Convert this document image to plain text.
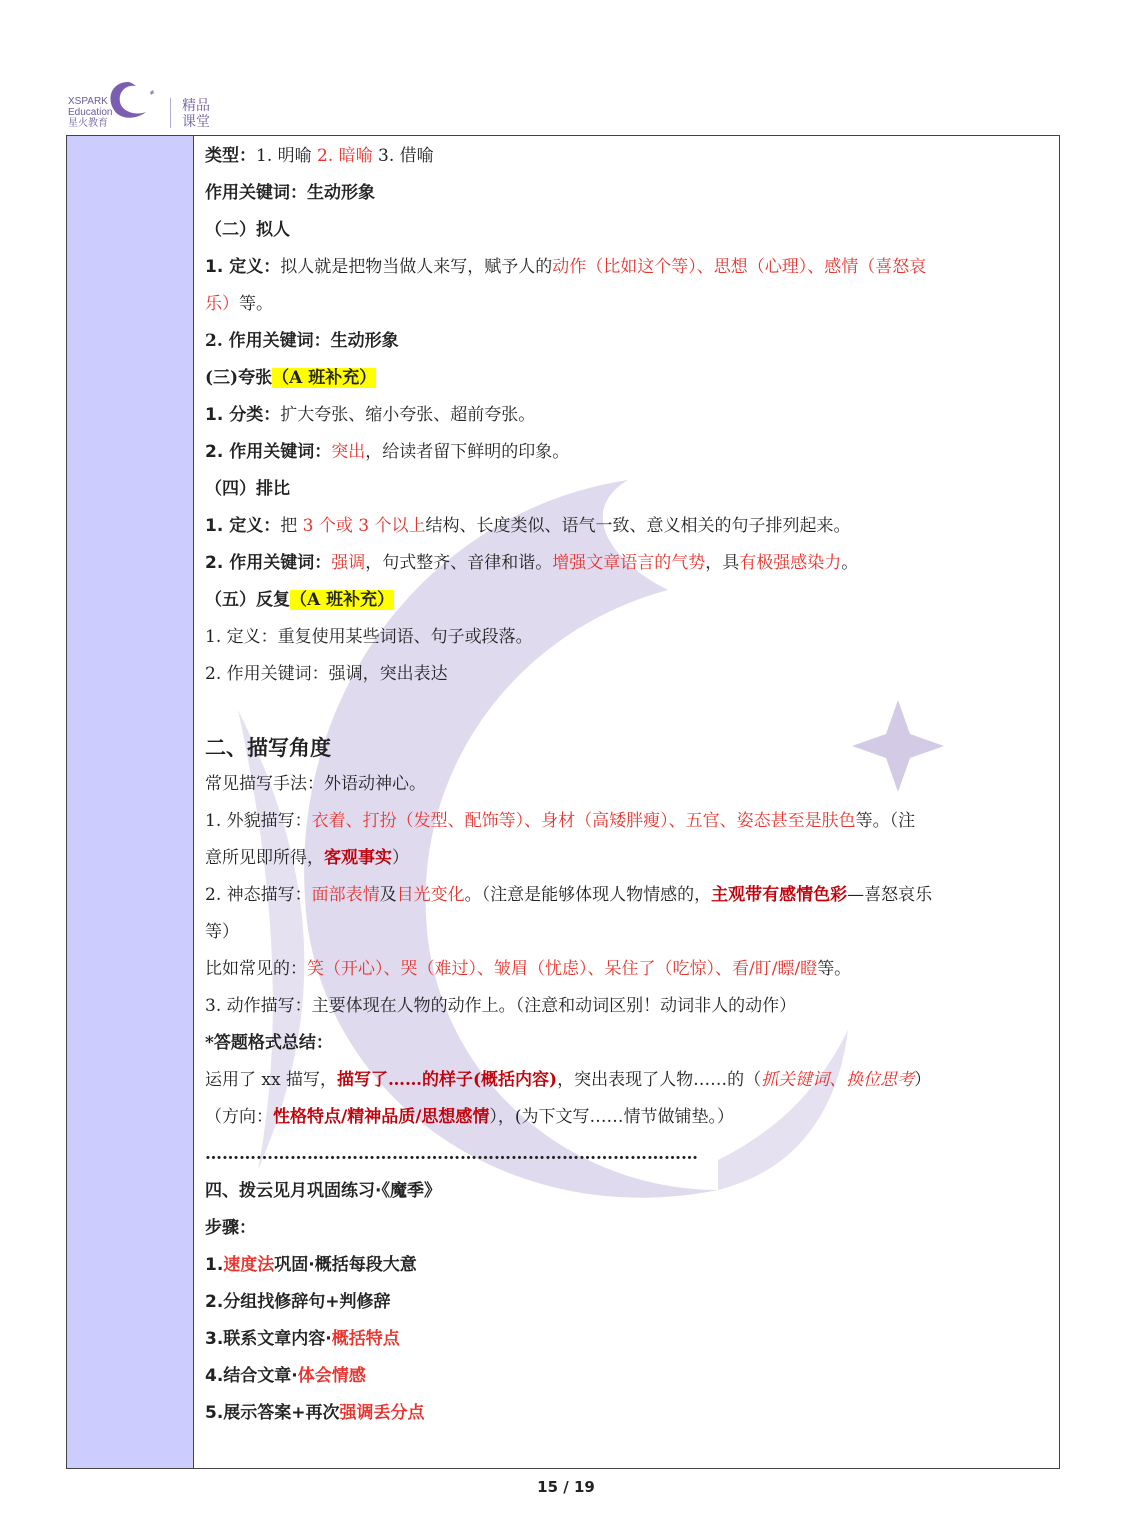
XSPARK
Education
星火教育
精品
课堂
类型：1. 明喻 2. 暗喻 3. 借喻
作用关键词：生动形象
（二）拟人
1. 定义：拟人就是把物当做人来写，赋予人的动作（比如这个等）、思想（心理）、感情（喜怒哀
乐）等。
2. 作用关键词：生动形象
(三)夸张（A 班补充）
1. 分类：扩大夸张、缩小夸张、超前夸张。
2. 作用关键词：突出，给读者留下鲜明的印象。
（四）排比
1. 定义：把 3 个或 3 个以上结构、长度类似、语气一致、意义相关的句子排列起来。
2. 作用关键词：强调，句式整齐、音律和谐。增强文章语言的气势，具有极强感染力。
（五）反复（A 班补充）
1. 定义：重复使用某些词语、句子或段落。
2. 作用关键词：强调，突出表达
二、描写角度
常见描写手法：外语动神心。
1. 外貌描写：衣着、打扮（发型、配饰等）、身材（高矮胖瘦）、五官、姿态甚至是肤色等。（注
意所见即所得，客观事实）
2. 神态描写：面部表情及目光变化。（注意是能够体现人物情感的，主观带有感情色彩—喜怒哀乐
等）
比如常见的：笑（开心）、哭（难过）、皱眉（忧虑）、呆住了（吃惊）、看/盯/瞟/瞪等。
3. 动作描写：主要体现在人物的动作上。（注意和动词区别！动词非人的动作）
*答题格式总结：
运用了 xx 描写，描写了……的样子(概括内容)，突出表现了人物……的（抓关键词、换位思考）
（方向：性格特点/精神品质/思想感情），(为下文写……情节做铺垫。）
……………………………………………………………………………
四、拨云见月巩固练习·《魔季》
步骤：
1.速度法巩固·概括每段大意
2.分组找修辞句+判修辞
3.联系文章内容·概括特点
4.结合文章·体会情感
5.展示答案+再次强调丢分点
15 / 19
